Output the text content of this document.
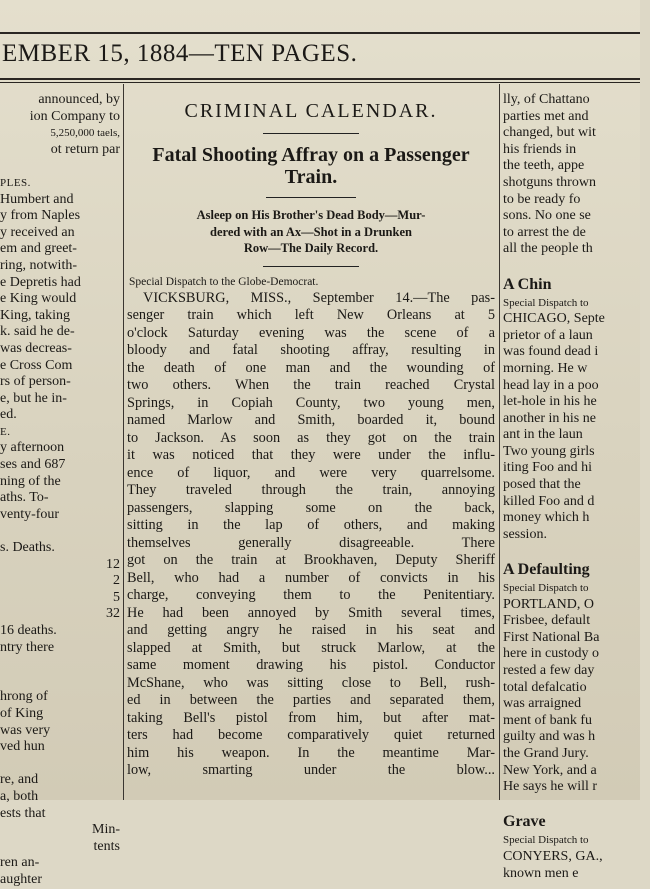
EMBER 15, 1884—TEN PAGES.
announced, by
ion Company to
5,250,000 taels,
ot return par

PLES.
Humbert and
y from Naples
y received an
em and greet-
ring, notwith-
e Depretis had
e King would
King, taking
k. said he de-
was decreas-
e Cross Com
rs of person-
e, but he in-
ed.
E.
y afternoon
ses and 687
ning of the
aths. To-
venty-four

s. Deaths.
12
2
5
32
16 deaths.
ntry there

hrong of
of King
was very
ved hun

re, and
a, both
ests that
Min-
tents
ren an-
aughter
CRIMINAL CALENDAR.
Fatal Shooting Affray on a Passenger
Train.
Asleep on His Brother's Dead Body—Mur-
dered with an Ax—Shot in a Drunken
Row—The Daily Record.
Special Dispatch to the Globe-Democrat.
VICKSBURG, MISS., September 14.—The pas-
senger train which left New Orleans at 5
o'clock Saturday evening was the scene of a
bloody and fatal shooting affray, resulting in
the death of one man and the wounding of
two others. When the train reached Crystal
Springs, in Copiah County, two young men,
named Marlow and Smith, boarded it, bound
to Jackson. As soon as they got on the train
it was noticed that they were under the influ-
ence of liquor, and were very quarrelsome.
They traveled through the train, annoying
passengers, slapping some on the back,
sitting in the lap of others, and making
themselves generally disagreeable. There
got on the train at Brookhaven, Deputy Sheriff
Bell, who had a number of convicts in his
charge, conveying them to the Penitentiary.
He had been annoyed by Smith several times,
and getting angry he raised in his seat and
slapped at Smith, but struck Marlow, at the
same moment drawing his pistol. Conductor
McShane, who was sitting close to Bell, rush-
ed in between the parties and separated them,
taking Bell's pistol from him, but after mat-
ters had become comparatively quiet returned
him his weapon. In the meantime Mar-
low, smarting under the blow...
lly, of Chattano
parties met and
changed, but wit
his friends in
the teeth, appe
shotguns thrown
to be ready fo
sons. No one se
to arrest the de
all the people th

A Chin
Special Dispatch to
CHICAGO, Septe
prietor of a laun
was found dead i
morning. He w
head lay in a poo
let-hole in his he
another in his ne
ant in the laun
Two young girls
iting Foo and hi
posed that the
killed Foo and d
money which h
session.

A Defaulting
Special Dispatch to
PORTLAND, O
Frisbee, default
First National Ba
here in custody o
rested a few day
total defalcatio
was arraigned
ment of bank fu
guilty and was h
the Grand Jury.
New York, and a
He says he will r

Grave
Special Dispatch to
CONYERS, GA.,
known men e
